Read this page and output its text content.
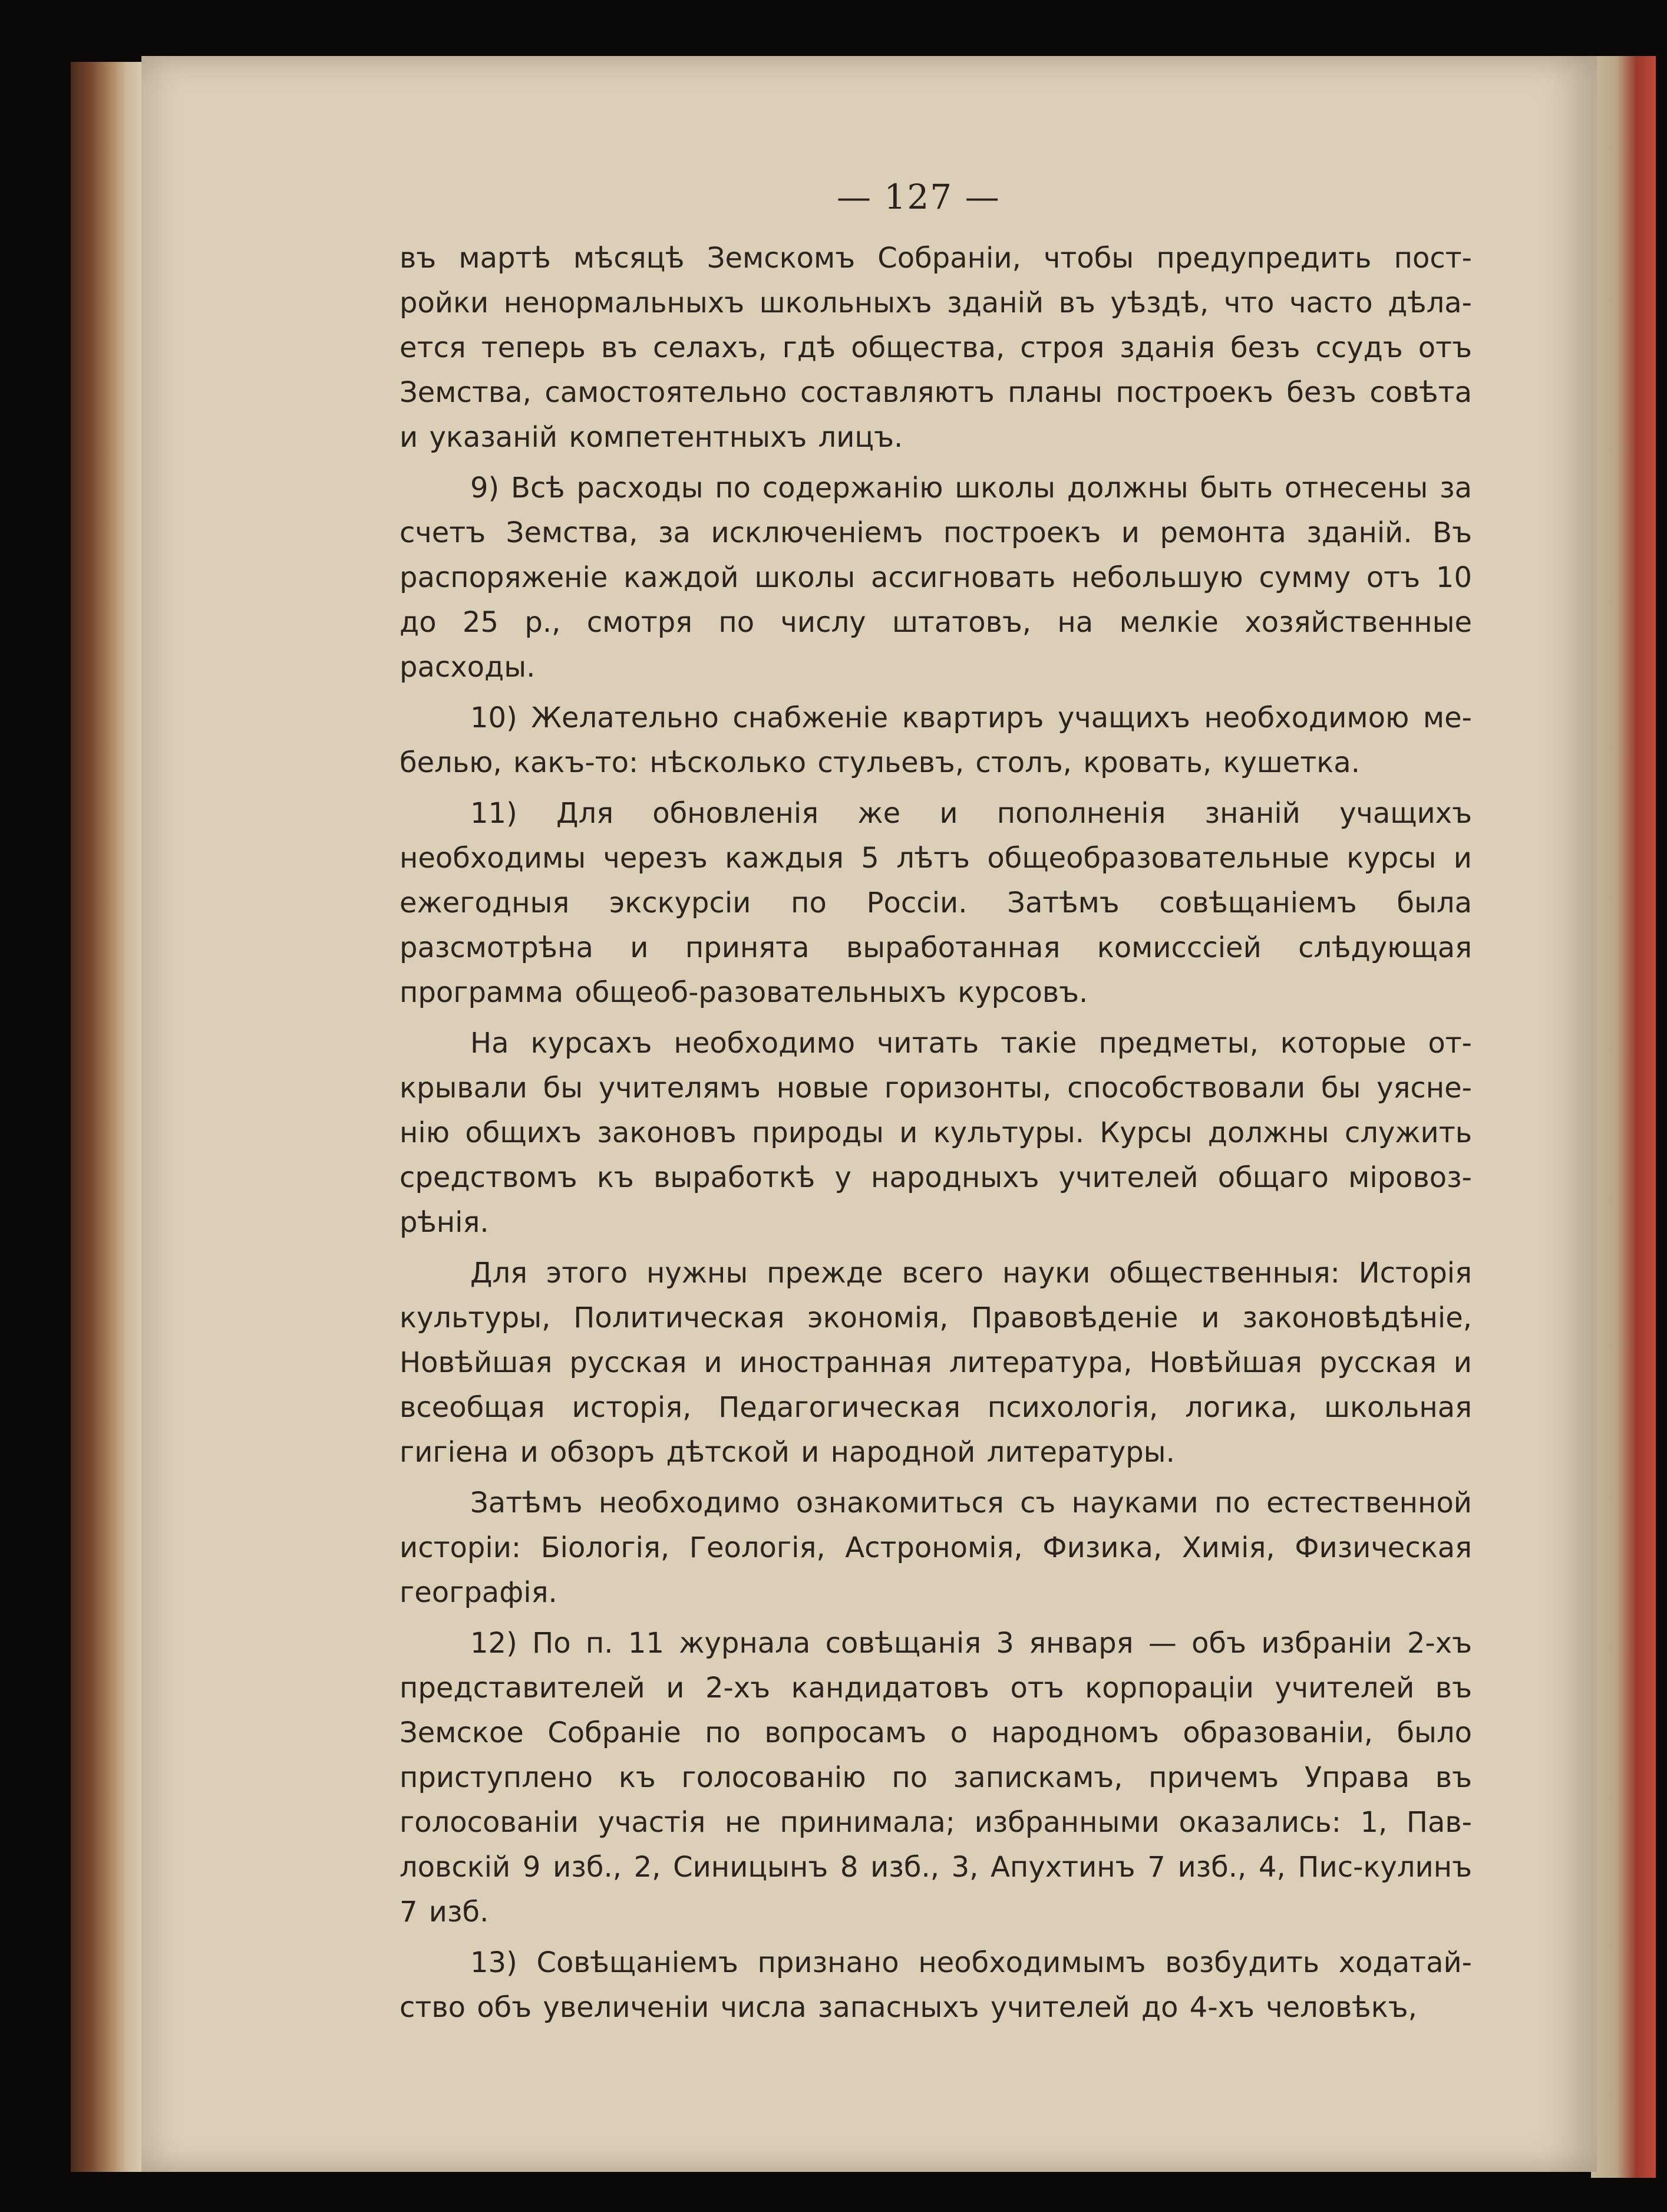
— 127 —

въ мартѣ мѣсяцѣ Земскомъ Собраніи, чтобы предупредить пост-ройки ненормальныхъ школьныхъ зданій въ уѣздѣ, что часто дѣла-ется теперь въ селахъ, гдѣ общества, строя зданія безъ ссудъ отъ Земства, самостоятельно составляютъ планы построекъ безъ совѣта и указаній компетентныхъ лицъ.

9) Всѣ расходы по содержанію школы должны быть отнесены за счетъ Земства, за исключеніемъ построекъ и ремонта зданій. Въ распоряженіе каждой школы ассигновать небольшую сумму отъ 10 до 25 р., смотря по числу штатовъ, на мелкіе хозяйственные расходы.

10) Желательно снабженіе квартиръ учащихъ необходимою ме-белью, какъ-то: нѣсколько стульевъ, столъ, кровать, кушетка.

11) Для обновленія же и пополненія знаній учащихъ необходимы черезъ каждыя 5 лѣтъ общеобразовательные курсы и ежегодныя экскурсіи по Россіи. Затѣмъ совѣщаніемъ была разсмотрѣна и принята выработанная комисссіей слѣдующая программа общеоб-разовательныхъ курсовъ.

На курсахъ необходимо читать такіе предметы, которые от-крывали бы учителямъ новые горизонты, способствовали бы уясне-нію общихъ законовъ природы и культуры. Курсы должны служить средствомъ къ выработкѣ у народныхъ учителей общаго міровоз-рѣнія.

Для этого нужны прежде всего науки общественныя: Исторія культуры, Политическая экономія, Правовѣденіе и законовѣдѣніе, Новѣйшая русская и иностранная литература, Новѣйшая русская и всеобщая исторія, Педагогическая психологія, логика, школьная гигіена и обзоръ дѣтской и народной литературы.

Затѣмъ необходимо ознакомиться съ науками по естественной исторіи: Біологія, Геологія, Астрономія, Физика, Химія, Физическая географія.

12) По п. 11 журнала совѣщанія 3 января — объ избраніи 2-хъ представителей и 2-хъ кандидатовъ отъ корпораціи учителей въ Земское Собраніе по вопросамъ о народномъ образованіи, было приступлено къ голосованію по запискамъ, причемъ Управа въ голосованіи участія не принимала; избранными оказались: 1, Пав-ловскій 9 изб., 2, Синицынъ 8 изб., 3, Апухтинъ 7 изб., 4, Пис-кулинъ 7 изб.

13) Совѣщаніемъ признано необходимымъ возбудить ходатай-ство объ увеличеніи числа запасныхъ учителей до 4-хъ человѣкъ,
